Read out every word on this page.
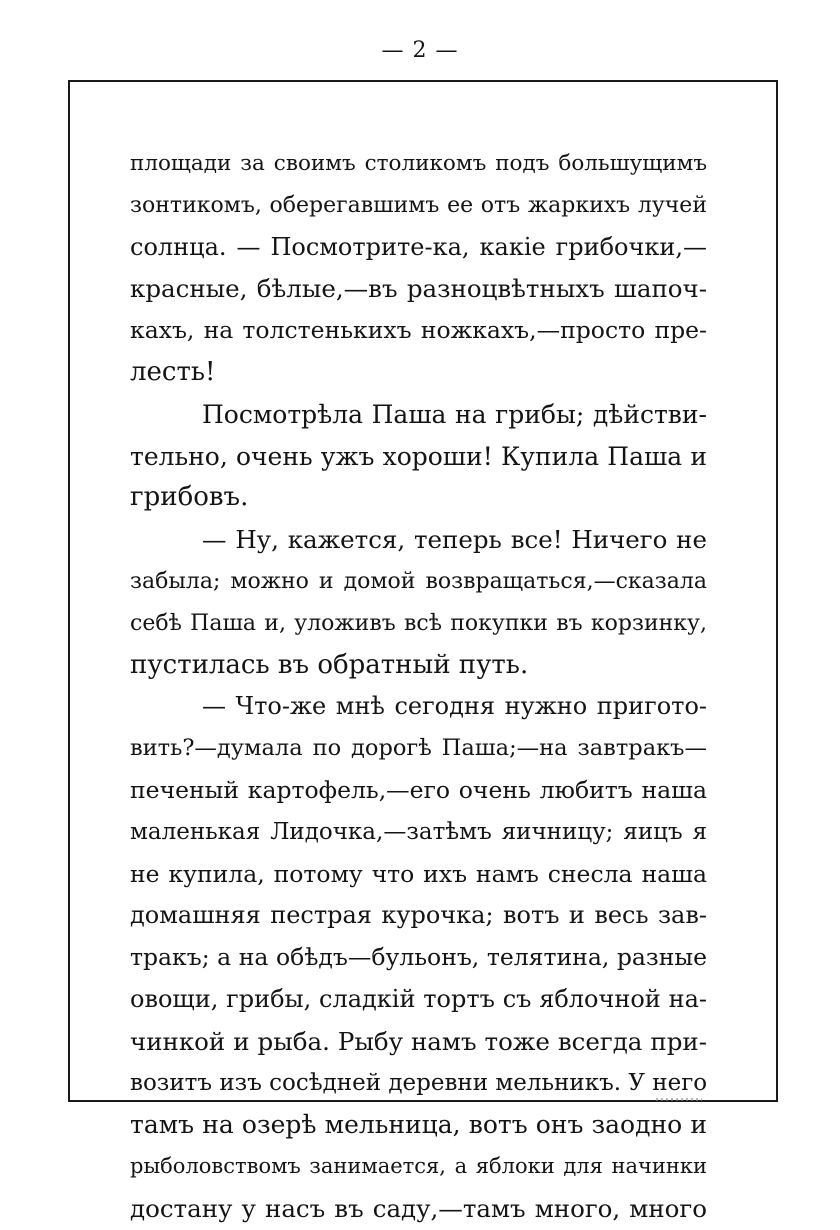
— 2 —
площади за своимъ столикомъ подъ большущимъ
зонтикомъ, оберегавшимъ ее отъ жаркихъ лучей
солнца. — Посмотрите-ка, какіе грибочки,—
красные, бѣлые,—въ разноцвѣтныхъ шапоч-
кахъ, на толстенькихъ ножкахъ,—просто пре-
лесть!
Посмотрѣла Паша на грибы; дѣйстви-
тельно, очень ужъ хороши! Купила Паша и
грибовъ.
— Ну, кажется, теперь все! Ничего не
забыла; можно и домой возвращаться,—сказала
себѣ Паша и, уложивъ всѣ покупки въ корзинку,
пустилась въ обратный путь.
— Что-же мнѣ сегодня нужно пригото-
вить?—думала по дорогѣ Паша;—на завтракъ—
печеный картофель,—его очень любитъ наша
маленькая Лидочка,—затѣмъ яичницу; яицъ я
не купила, потому что ихъ намъ снесла наша
домашняя пестрая курочка; вотъ и весь зав-
тракъ; а на обѣдъ—бульонъ, телятина, разные
овощи, грибы, сладкій тортъ съ яблочной на-
чинкой и рыба. Рыбу намъ тоже всегда при-
возитъ изъ сосѣдней деревни мельникъ. У него
тамъ на озерѣ мельница, вотъ онъ заодно и
рыболовствомъ занимается, а яблоки для начинки
достану у насъ въ саду,—тамъ много, много
